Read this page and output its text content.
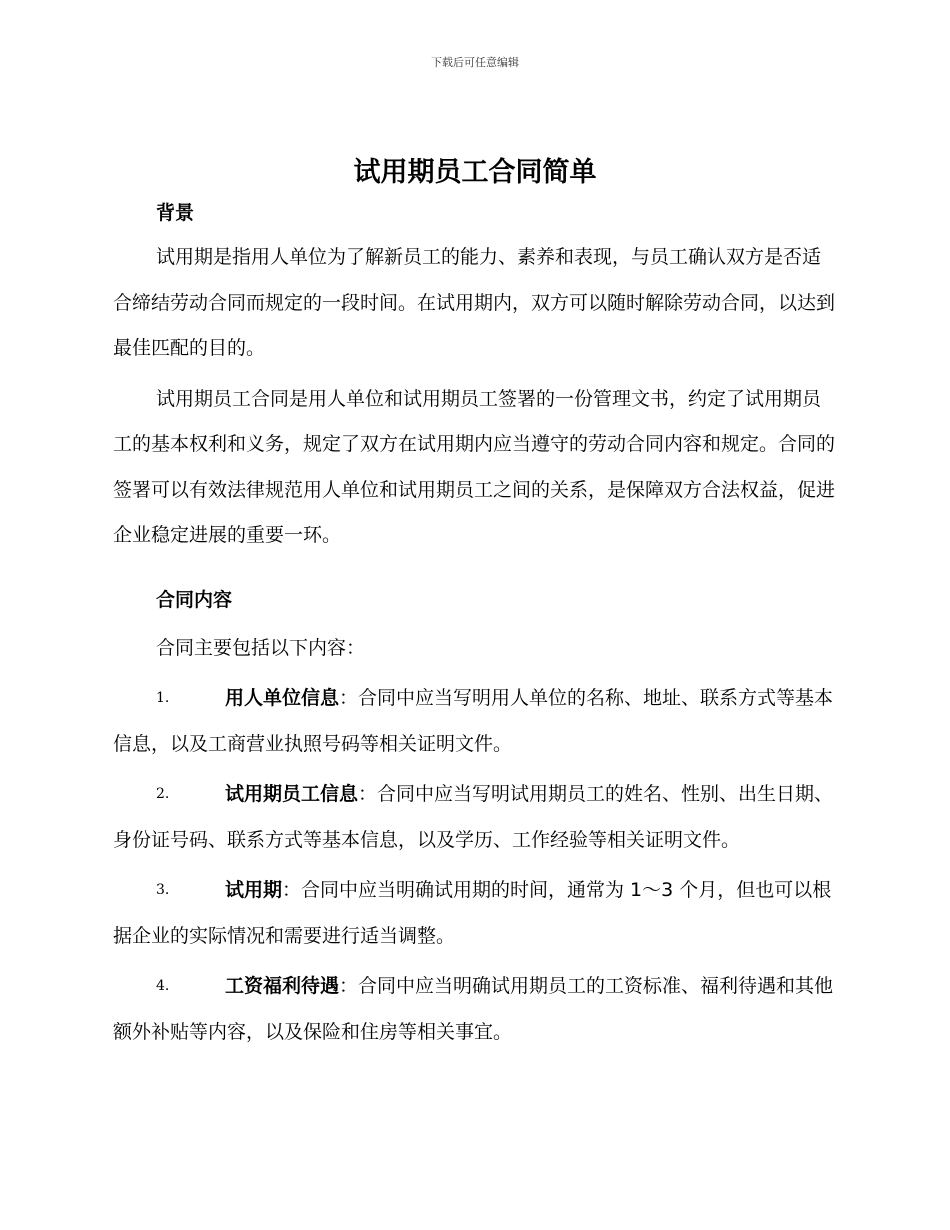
下载后可任意编辑
试用期员工合同简单
背景

试用期是指用人单位为了解新员工的能力、素养和表现，与员工确认双方是否适合缔结劳动合同而规定的一段时间。在试用期内，双方可以随时解除劳动合同，以达到最佳匹配的目的。

试用期员工合同是用人单位和试用期员工签署的一份管理文书，约定了试用期员工的基本权利和义务，规定了双方在试用期内应当遵守的劳动合同内容和规定。合同的签署可以有效法律规范用人单位和试用期员工之间的关系，是保障双方合法权益，促进企业稳定进展的重要一环。

合同内容

合同主要包括以下内容：

1.	用人单位信息：合同中应当写明用人单位的名称、地址、联系方式等基本信息，以及工商营业执照号码等相关证明文件。
2.	试用期员工信息：合同中应当写明试用期员工的姓名、性别、出生日期、身份证号码、联系方式等基本信息，以及学历、工作经验等相关证明文件。
3.	试用期：合同中应当明确试用期的时间，通常为 1～3 个月，但也可以根据企业的实际情况和需要进行适当调整。
4.	工资福利待遇：合同中应当明确试用期员工的工资标准、福利待遇和其他额外补贴等内容，以及保险和住房等相关事宜。
